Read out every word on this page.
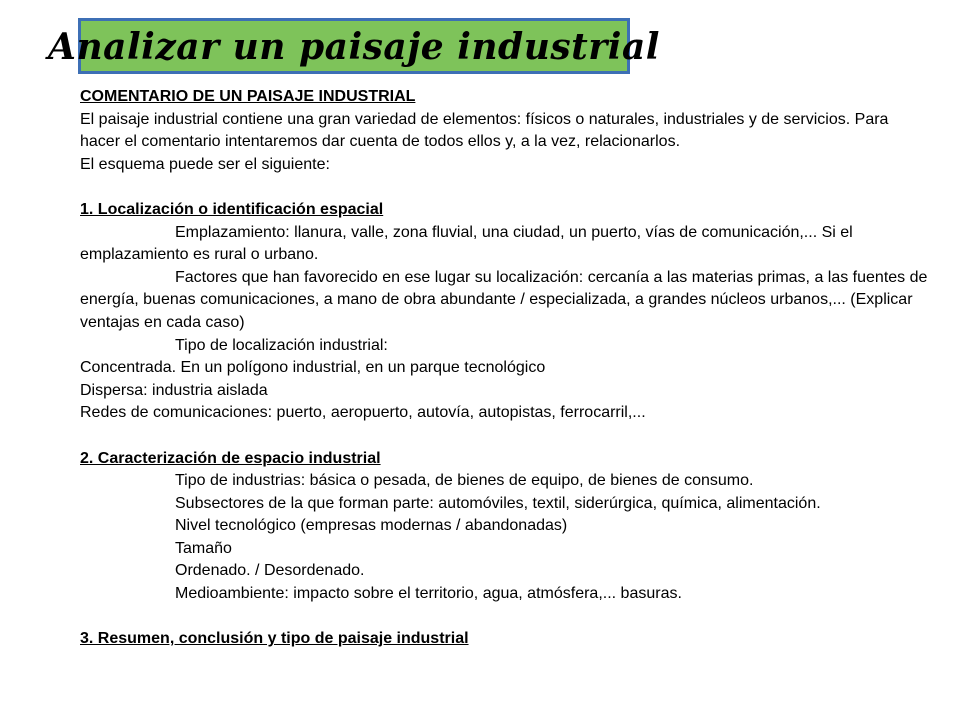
Analizar un paisaje industrial

COMENTARIO DE UN PAISAJE INDUSTRIAL

El paisaje industrial contiene una gran variedad de elementos: físicos o naturales, industriales y de servicios. Para hacer el comentario intentaremos dar cuenta de todos ellos y, a la vez, relacionarlos.

El esquema puede ser el siguiente:

1. Localización o identificación espacial

Emplazamiento: llanura, valle, zona fluvial, una ciudad, un puerto, vías de comunicación,... Si el emplazamiento es rural o urbano.

Factores que han favorecido en ese lugar su localización: cercanía a las materias primas, a las fuentes de energía, buenas comunicaciones, a mano de obra abundante / especializada, a grandes núcleos urbanos,... (Explicar ventajas en cada caso)

Tipo de localización industrial:

Concentrada. En un polígono industrial, en un parque tecnológico

Dispersa: industria aislada

Redes de comunicaciones: puerto, aeropuerto, autovía, autopistas, ferrocarril,...

2. Caracterización de espacio industrial

Tipo de industrias: básica o pesada, de bienes de equipo, de bienes de consumo.

Subsectores de la que forman parte: automóviles, textil, siderúrgica, química, alimentación.

Nivel tecnológico (empresas modernas / abandonadas)

Tamaño

Ordenado. / Desordenado.

Medioambiente: impacto sobre el territorio, agua, atmósfera,... basuras.

3. Resumen, conclusión y tipo de paisaje industrial
